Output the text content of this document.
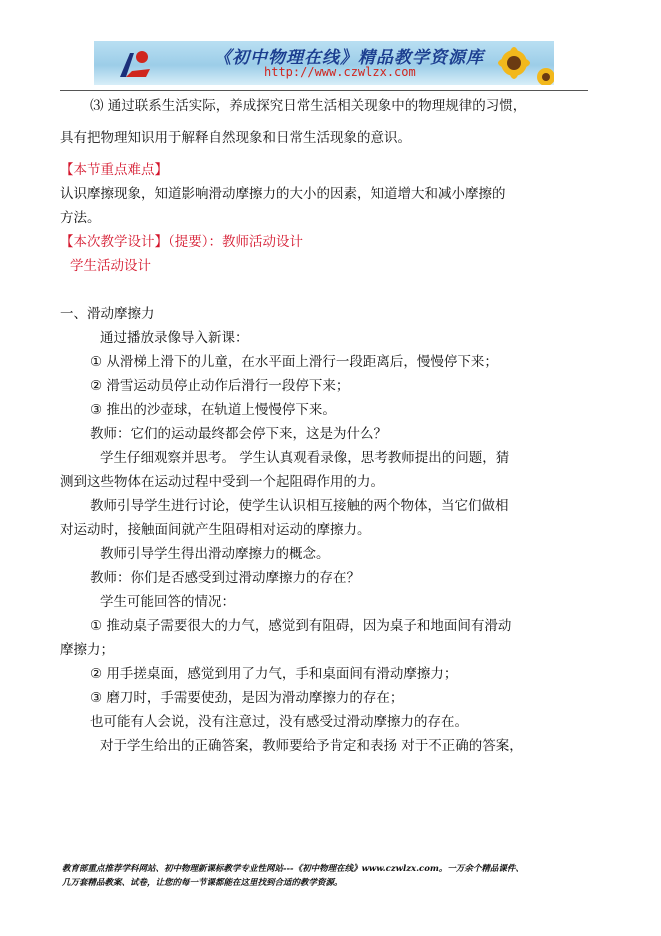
《初中物理在线》精品教学资源库
http://www.czwlzx.com

⑶ 通过联系生活实际，养成探究日常生活相关现象中的物理规律的习惯，

具有把物理知识用于解释自然现象和日常生活现象的意识。

【本节重点难点】

认识摩擦现象，知道影响滑动摩擦力的大小的因素，知道增大和减小摩擦的

方法。

【本次教学设计】（提要）：教师活动设计

学生活动设计

一、滑动摩擦力

通过播放录像导入新课：

① 从滑梯上滑下的儿童，在水平面上滑行一段距离后，慢慢停下来；

② 滑雪运动员停止动作后滑行一段停下来；

③ 推出的沙壶球，在轨道上慢慢停下来。

教师：它们的运动最终都会停下来，这是为什么？

学生仔细观察并思考。 学生认真观看录像，思考教师提出的问题，猜

测到这些物体在运动过程中受到一个起阻碍作用的力。

教师引导学生进行讨论，使学生认识相互接触的两个物体，当它们做相

对运动时，接触面间就产生阻碍相对运动的摩擦力。

教师引导学生得出滑动摩擦力的概念。

教师：你们是否感受到过滑动摩擦力的存在？

学生可能回答的情况：

① 推动桌子需要很大的力气，感觉到有阻碍，因为桌子和地面间有滑动

摩擦力；

② 用手搓桌面，感觉到用了力气，手和桌面间有滑动摩擦力；

③ 磨刀时，手需要使劲，是因为滑动摩擦力的存在；

也可能有人会说，没有注意过，没有感受过滑动摩擦力的存在。

对于学生给出的正确答案，教师要给予肯定和表扬 对于不正确的答案，

教育部重点推荐学科网站、初中物理新课标教学专业性网站---《初中物理在线》www.czwlzx.com。一万余个精品课件、
几万套精品教案、试卷，让您的每一节课都能在这里找到合适的教学资源。
